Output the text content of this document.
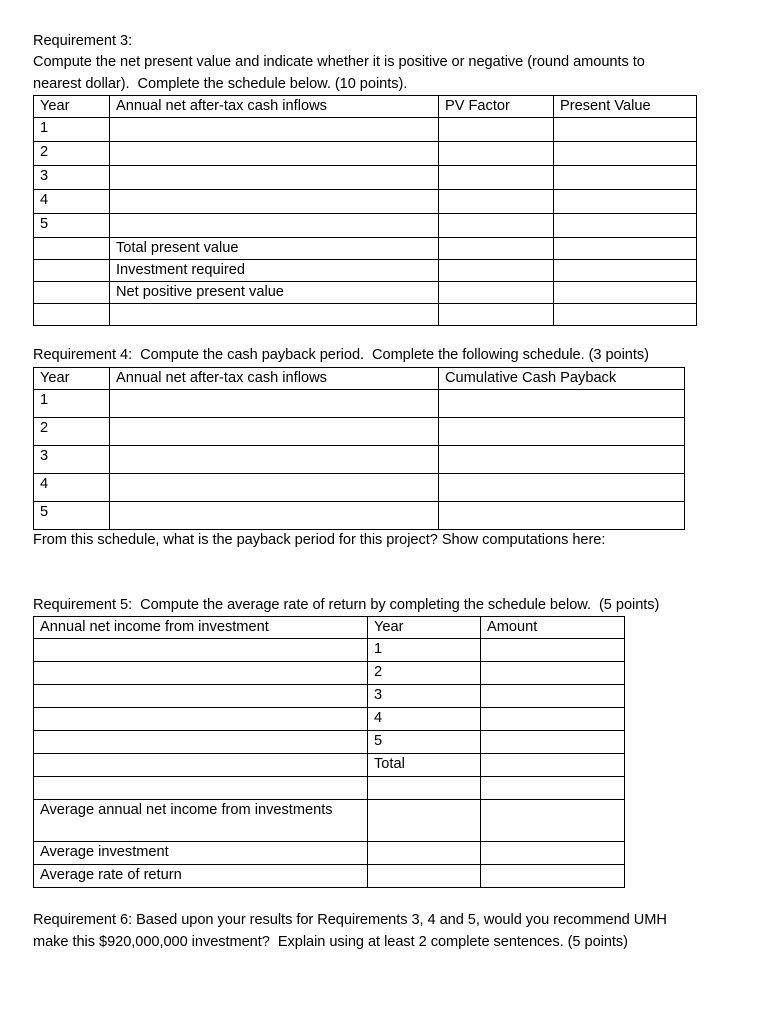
Requirement 3:
Compute the net present value and indicate whether it is positive or negative (round amounts to
nearest dollar).  Complete the schedule below. (10 points).
Year	Annual net after-tax cash inflows	PV Factor	Present Value
1			
2			
3			
4			
5			
	Total present value		
	Investment required		
	Net positive present value		

Requirement 4:  Compute the cash payback period.  Complete the following schedule. (3 points)
Year	Annual net after-tax cash inflows	Cumulative Cash Payback
1		
2		
3		
4		
5		
From this schedule, what is the payback period for this project? Show computations here:
Requirement 5:  Compute the average rate of return by completing the schedule below.  (5 points)
Annual net income from investment	Year	Amount
	1	
	2	
	3	
	4	
	5	
	Total	

Average annual net income from investments		
Average investment		
Average rate of return		
Requirement 6: Based upon your results for Requirements 3, 4 and 5, would you recommend UMH
make this $920,000,000 investment?  Explain using at least 2 complete sentences. (5 points)
